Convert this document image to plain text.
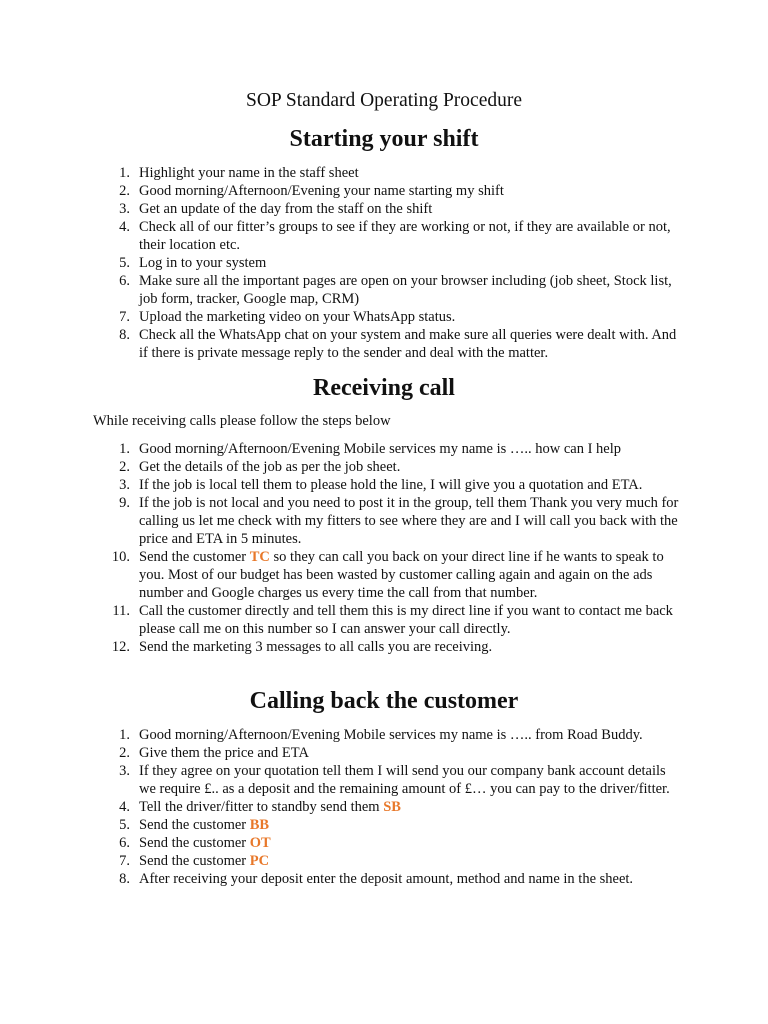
SOP Standard Operating Procedure
Starting your shift
1. Highlight your name in the staff sheet
2. Good morning/Afternoon/Evening your name starting my shift
3. Get an update of the day from the staff on the shift
4. Check all of our fitter’s groups to see if they are working or not, if they are available or not, their location etc.
5. Log in to your system
6. Make sure all the important pages are open on your browser including (job sheet, Stock list, job form, tracker, Google map, CRM)
7. Upload the marketing video on your WhatsApp status.
8. Check all the WhatsApp chat on your system and make sure all queries were dealt with. And if there is private message reply to the sender and deal with the matter.
Receiving call
While receiving calls please follow the steps below
1. Good morning/Afternoon/Evening Mobile services my name is ….. how can I help
2. Get the details of the job as per the job sheet.
3. If the job is local tell them to please hold the line, I will give you a quotation and ETA.
9. If the job is not local and you need to post it in the group, tell them Thank you very much for calling us let me check with my fitters to see where they are and I will call you back with the price and ETA in 5 minutes.
10. Send the customer TC so they can call you back on your direct line if he wants to speak to you. Most of our budget has been wasted by customer calling again and again on the ads number and Google charges us every time the call from that number.
11. Call the customer directly and tell them this is my direct line if you want to contact me back please call me on this number so I can answer your call directly.
12. Send the marketing 3 messages to all calls you are receiving.
Calling back the customer
1. Good morning/Afternoon/Evening Mobile services my name is ….. from Road Buddy.
2. Give them the price and ETA
3. If they agree on your quotation tell them I will send you our company bank account details we require £.. as a deposit and the remaining amount of £… you can pay to the driver/fitter.
4. Tell the driver/fitter to standby send them SB
5. Send the customer BB
6. Send the customer OT
7. Send the customer PC
8. After receiving your deposit enter the deposit amount, method and name in the sheet.
